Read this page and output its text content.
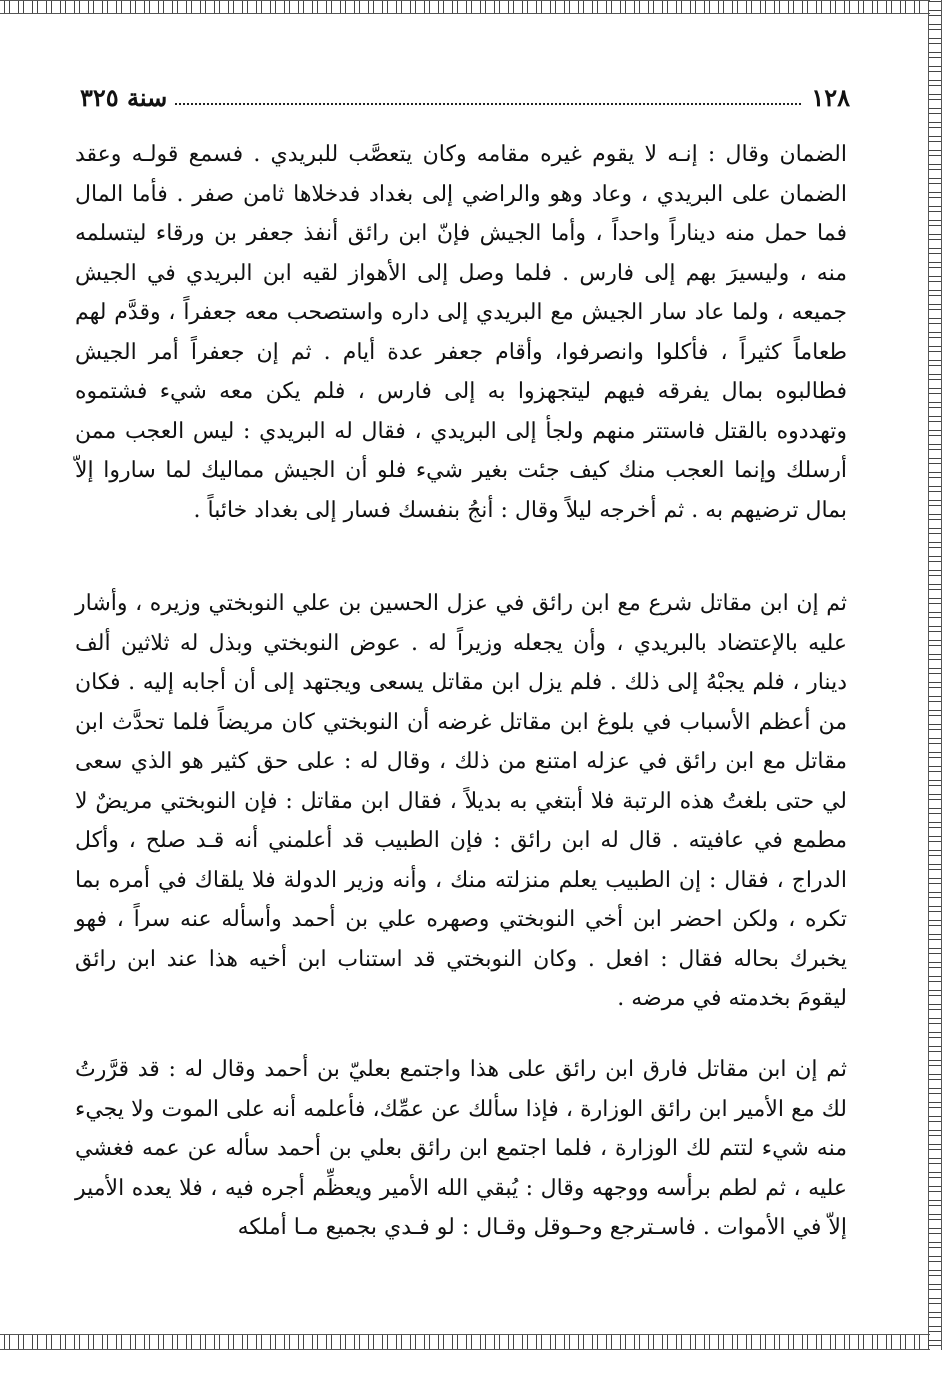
١٢٨
سنة ٣٢٥

الضمان وقال : إنـه لا يقوم غيره مقامه وكان يتعصَّب للبريدي . فسمع قولـه وعقد الضمان على البريدي ، وعاد وهو والراضي إلى بغداد فدخلاها ثامن صفر . فأما المال فما حمل منه ديناراً واحداً ، وأما الجيش فإنّ ابن رائق أنفذ جعفر بن ورقاء ليتسلمه منه ، وليسيرَ بهم إلى فارس . فلما وصل إلى الأهواز لقيه ابن البريدي في الجيش جميعه ، ولما عاد سار الجيش مع البريدي إلى داره واستصحب معه جعفراً ، وقدَّم لهم طعاماً كثيراً ، فأكلوا وانصرفوا، وأقام جعفر عدة أيام . ثم إن جعفراً أمر الجيش فطالبوه بمال يفرقه فيهم ليتجهزوا به إلى فارس ، فلم يكن معه شيء فشتموه وتهددوه بالقتل فاستتر منهم ولجأ إلى البريدي ، فقال له البريدي : ليس العجب ممن أرسلك وإنما العجب منك كيف جئت بغير شيء فلو أن الجيش مماليك لما ساروا إلاّ بمال ترضيهم به . ثم أخرجه ليلاً وقال : أنجُ بنفسك فسار إلى بغداد خائباً .

ثم إن ابن مقاتل شرع مع ابن رائق في عزل الحسين بن علي النوبختي وزيره ، وأشار عليه بالإعتضاد بالبريدي ، وأن يجعله وزيراً له . عوض النوبختي وبذل له ثلاثين ألف دينار ، فلم يجبْهُ إلى ذلك . فلم يزل ابن مقاتل يسعى ويجتهد إلى أن أجابه إليه . فكان من أعظم الأسباب في بلوغ ابن مقاتل غرضه أن النوبختي كان مريضاً فلما تحدَّث ابن مقاتل مع ابن رائق في عزله امتنع من ذلك ، وقال له : على حق كثير هو الذي سعى لي حتى بلغتُ هذه الرتبة فلا أبتغي به بديلاً ، فقال ابن مقاتل : فإن النوبختي مريضٌ لا مطمع في عافيته . قال له ابن رائق : فإن الطبيب قد أعلمني أنه قـد صلح ، وأكل الدراج ، فقال : إن الطبيب يعلم منزلته منك ، وأنه وزير الدولة فلا يلقاك في أمره بما تكره ، ولكن احضر ابن أخي النوبختي وصهره علي بن أحمد وأسأله عنه سراً ، فهو يخبرك بحاله فقال : افعل . وكان النوبختي قد استناب ابن أخيه هذا عند ابن رائق ليقومَ بخدمته في مرضه .

ثم إن ابن مقاتل فارق ابن رائق على هذا واجتمع بعليّ بن أحمد وقال له : قد قرَّرتُ لك مع الأمير ابن رائق الوزارة ، فإذا سألك عن عمِّك، فأعلمه أنه على الموت ولا يجيء منه شيء لتتم لك الوزارة ، فلما اجتمع ابن رائق بعلي بن أحمد سأله عن عمه فغشي عليه ، ثم لطم برأسه ووجهه وقال : يُبقي الله الأمير ويعظِّم أجره فيه ، فلا يعده الأمير إلاّ في الأموات . فاسـترجع وحـوقل وقـال : لو فـدي بجميع مـا أملكه
